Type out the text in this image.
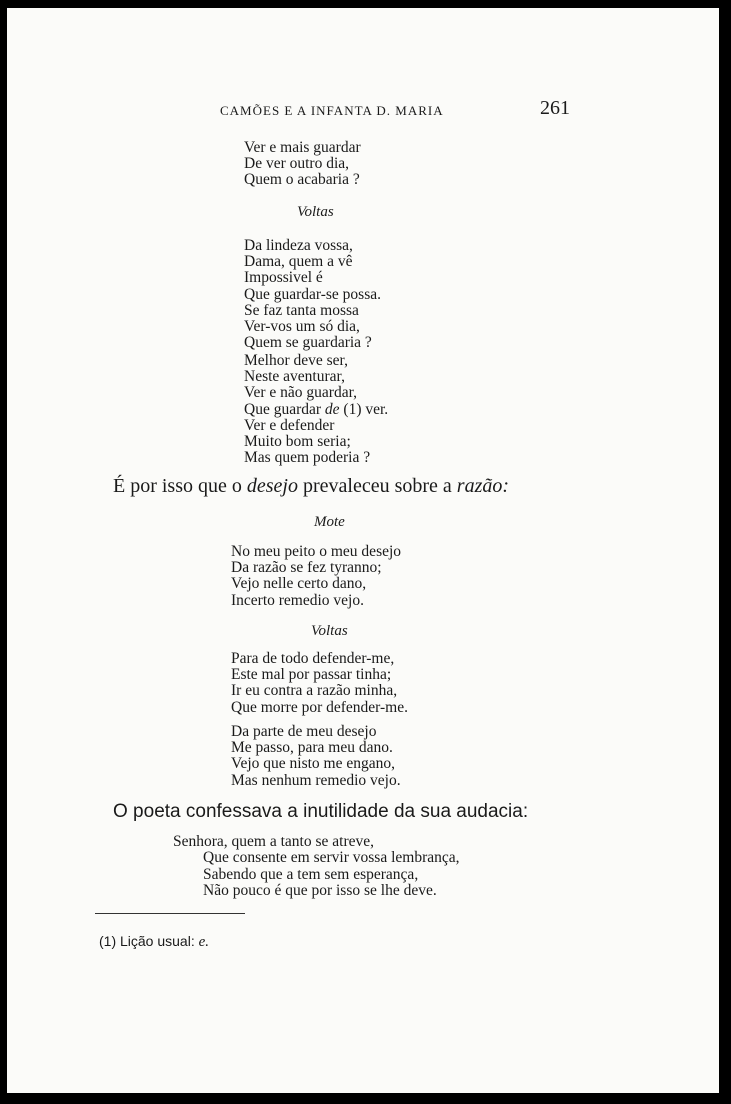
CAMÕES E A INFANTA D. MARIA	261
Ver e mais guardar
De ver outro dia,
Quem o acabaria ?
Voltas
Da lindeza vossa,
Dama, quem a vê
Impossivel é
Que guardar-se possa.
Se faz tanta mossa
Ver-vos um só dia,
Quem se guardaria ?
Melhor deve ser,
Neste aventurar,
Ver e não guardar,
Que guardar de (1) ver.
Ver e defender
Muito bom seria;
Mas quem poderia ?
É por isso que o desejo prevaleceu sobre a razão:
Mote
No meu peito o meu desejo
Da razão se fez tyranno;
Vejo nelle certo dano,
Incerto remedio vejo.
Voltas
Para de todo defender-me,
Este mal por passar tinha;
Ir eu contra a razão minha,
Que morre por defender-me.
Da parte de meu desejo
Me passo, para meu dano.
Vejo que nisto me engano,
Mas nenhum remedio vejo.
O poeta confessava a inutilidade da sua audacia:
Senhora, quem a tanto se atreve,
Que consente em servir vossa lembrança,
Sabendo que a tem sem esperança,
Não pouco é que por isso se lhe deve.
(1) Lição usual: e.
